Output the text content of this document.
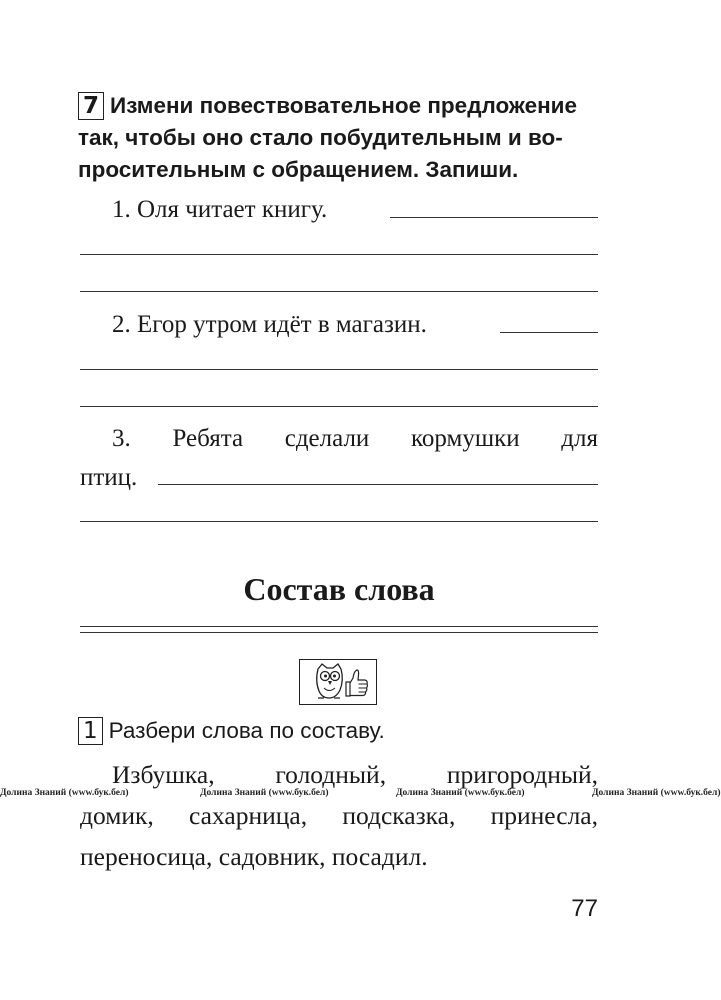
7 Измени повествовательное предложение
так, чтобы оно стало побудительным и во-
просительным с обращением. Запиши.
1. Оля читает книгу.
2. Егор утром идёт в магазин.
3. Ребята сделали кормушки для
птиц.
Состав слова
1 Разбери слова по составу.
Избушка, голодный, пригородный,
Долина Знаний (www.бук.бел)	Долина Знаний (www.бук.бел)	Долина Знаний (www.бук.бел)	Долина Знаний (www.бук.бел)
домик, сахарница, подсказка, принесла,
переносица, садовник, посадил.
77
